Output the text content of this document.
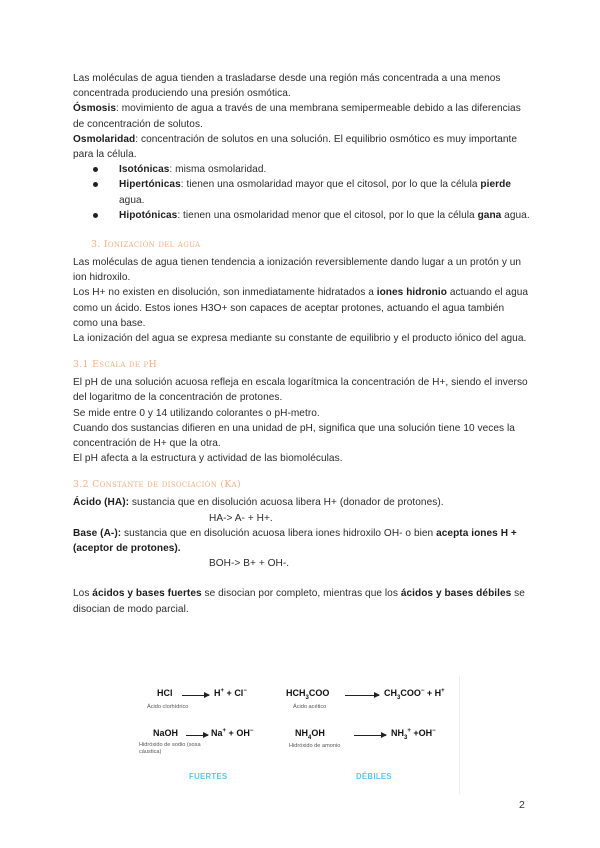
Las moléculas de agua tienden a trasladarse desde una región más concentrada a una menos concentrada produciendo una presión osmótica.

Ósmosis: movimiento de agua a través de una membrana semipermeable debido a las diferencias de concentración de solutos.

Osmolaridad: concentración de solutos en una solución. El equilibrio osmótico es muy importante para la célula.

Isotónicas: misma osmolaridad.
Hipertónicas: tienen una osmolaridad mayor que el citosol, por lo que la célula pierde agua.
Hipotónicas: tienen una osmolaridad menor que el citosol, por lo que la célula gana agua.
3. Ionización del agua

Las moléculas de agua tienen tendencia a ionización reversiblemente dando lugar a un protón y un ion hidroxilo.

Los H+ no existen en disolución, son inmediatamente hidratados a iones hidronio actuando el agua como un ácido. Estos iones H3O+ son capaces de aceptar protones, actuando el agua también como una base.

La ionización del agua se expresa mediante su constante de equilibrio y el producto iónico del agua.

3.1 Escala de pH

El pH de una solución acuosa refleja en escala logarítmica la concentración de H+, siendo el inverso del logaritmo de la concentración de protones.

Se mide entre 0 y 14 utilizando colorantes o pH-metro.

Cuando dos sustancias difieren en una unidad de pH, significa que una solución tiene 10 veces la concentración de H+ que la otra.

El pH afecta a la estructura y actividad de las biomoléculas.

3.2 Constante de disociación (Ka)

Ácido (HA): sustancia que en disolución acuosa libera H+ (donador de protones).

HA-> A- + H+.

Base (A-): sustancia que en disolución acuosa libera iones hidroxilo OH- o bien acepta iones H + (aceptor de protones).

BOH-> B+ + OH-.

Los ácidos y bases fuertes se disocian por completo, mientras que los ácidos y bases débiles se disocian de modo parcial.

HCl
Ácido clorhídrico
H+ + Cl−
NaOH
Hidróxido de sodio (sosa cáustica)
Na+ + OH−
$HCH_3COO$
Ácido acético
$CH_3COO^- + H^+$
$NH_4OH$
Hidróxido de amonio
$NH_3^+ +OH^-$
FUERTES	DÉBILES
2
